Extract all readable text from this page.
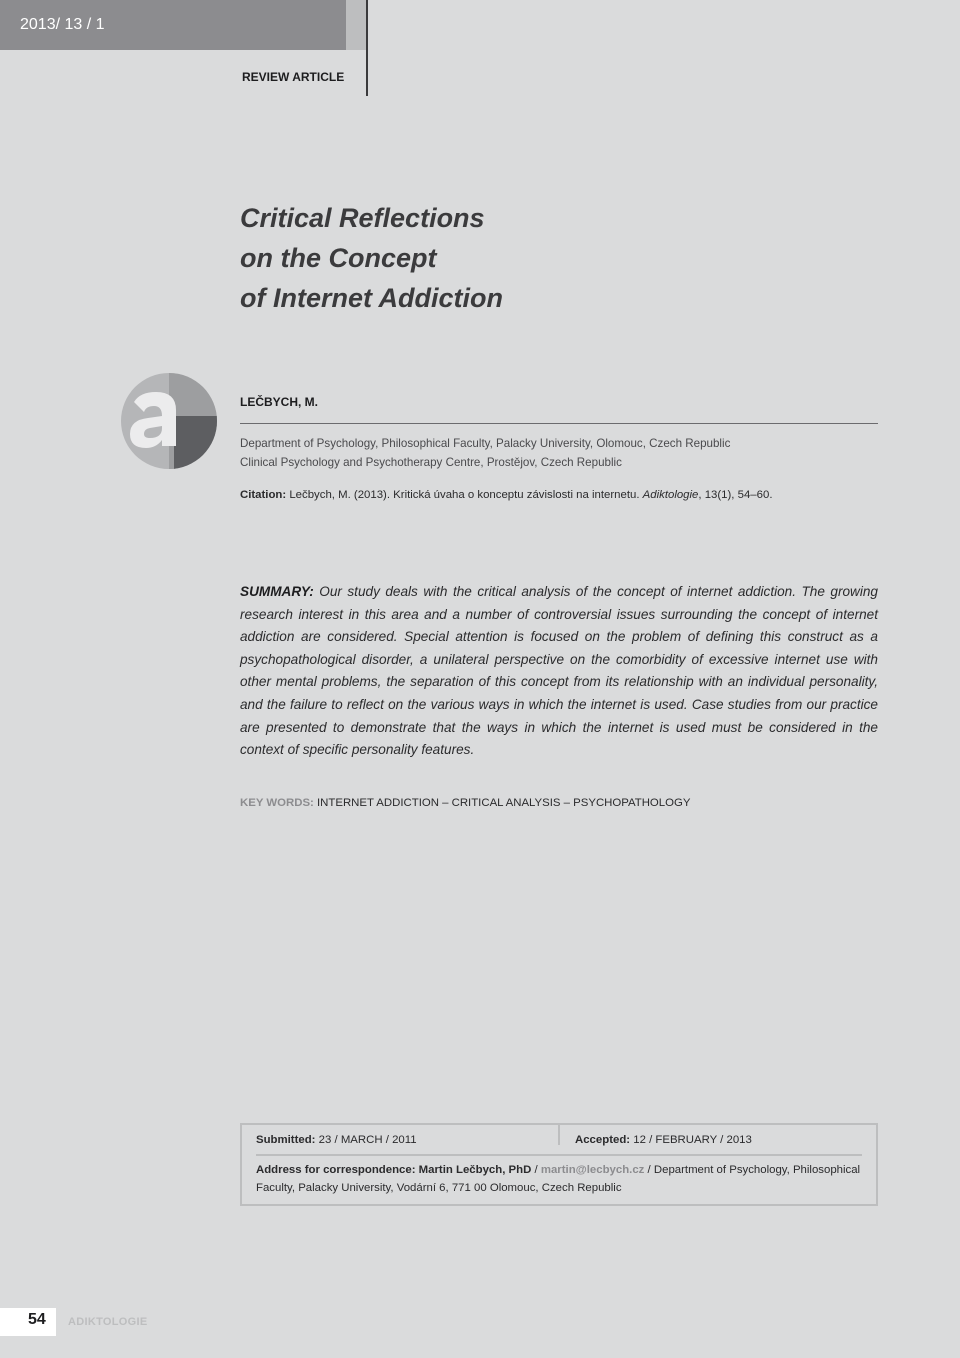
2013/ 13 / 1
REVIEW ARTICLE
Critical Reflections
on the Concept
of Internet Addiction
LEČBYCH, M.
Department of Psychology, Philosophical Faculty, Palacky University, Olomouc, Czech Republic
Clinical Psychology and Psychotherapy Centre, Prostějov, Czech Republic
Citation: Lečbych, M. (2013). Kritická úvaha o konceptu závislosti na internetu. Adiktologie, 13(1), 54–60.
SUMMARY: Our study deals with the critical analysis of the concept of internet addiction. The growing research interest in this area and a number of controversial issues surrounding the concept of internet addiction are considered. Special attention is focused on the problem of defining this construct as a psychopathological disorder, a unilateral perspective on the comorbidity of excessive internet use with other mental problems, the separation of this concept from its relationship with an individual personality, and the failure to reflect on the various ways in which the internet is used. Case studies from our practice are presented to demonstrate that the ways in which the internet is used must be considered in the context of specific personality features.
KEY WORDS: INTERNET ADDICTION – CRITICAL ANALYSIS – PSYCHOPATHOLOGY
Submitted: 23 / MARCH / 2011	Accepted: 12 / FEBRUARY / 2013
Address for correspondence: Martin Lečbych, PhD / martin@lecbych.cz / Department of Psychology, Philosophical Faculty, Palacky University, Vodární 6, 771 00 Olomouc, Czech Republic
54 ADIKTOLOGIE
